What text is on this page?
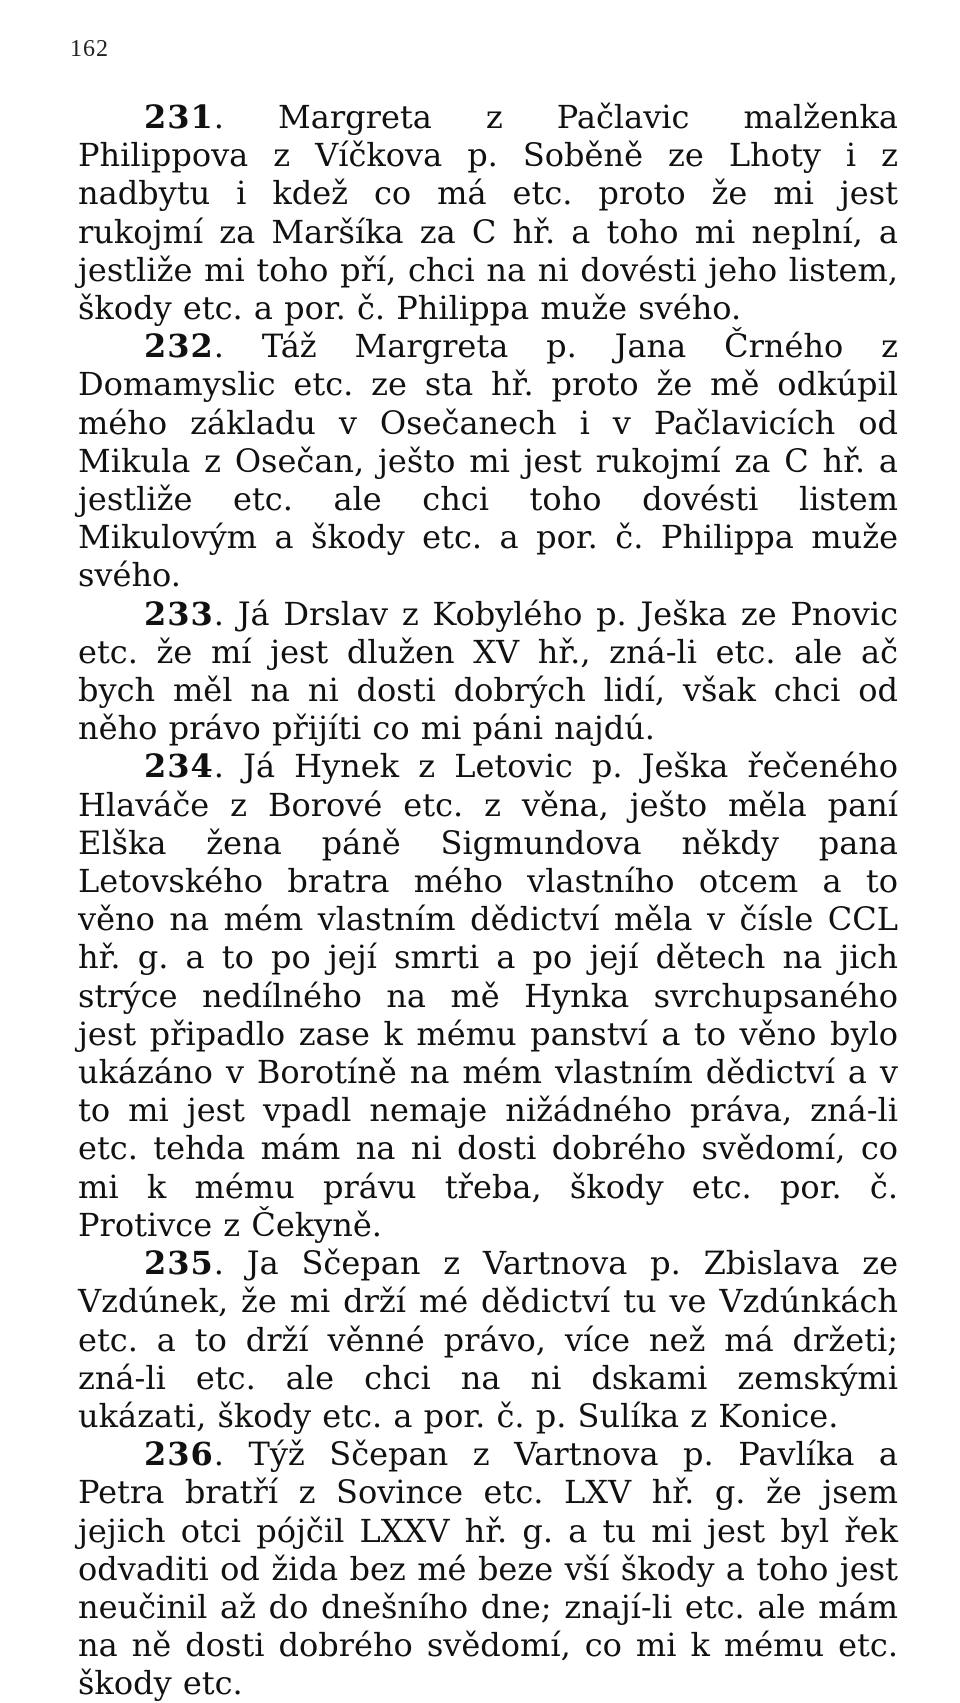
162

231. Margreta z Pačlavic malženka Philippova z Víčkova p. Soběně ze Lhoty i z nadbytu i kdež co má etc. proto že mi jest rukojmí za Maršíka za C hř. a toho mi neplní, a jestliže mi toho pří, chci na ni dovésti jeho listem, škody etc. a por. č. Philippa muže svého.

232. Táž Margreta p. Jana Črného z Domamyslic etc. ze sta hř. proto že mě odkúpil mého základu v Osečanech i v Pačlavicích od Mikula z Osečan, ješto mi jest rukojmí za C hř. a jestliže etc. ale chci toho dovésti listem Mikulovým a škody etc. a por. č. Philippa muže svého.

233. Já Drslav z Kobylého p. Ješka ze Pnovic etc. že mí jest dlužen XV hř., zná-li etc. ale ač bych měl na ni dosti dobrých lidí, však chci od něho právo přijíti co mi páni najdú.

234. Já Hynek z Letovic p. Ješka řečeného Hlaváče z Borové etc. z věna, ješto měla paní Elška žena páně Sigmundova někdy pana Letovského bratra mého vlastního otcem a to věno na mém vlastním dědictví měla v čísle CCL hř. g. a to po její smrti a po její dětech na jich strýce nedílného na mě Hynka svrchupsaného jest připadlo zase k mému panství a to věno bylo ukázáno v Borotíně na mém vlastním dědictví a v to mi jest vpadl nemaje nižádného práva, zná-li etc. tehda mám na ni dosti dobrého svědomí, co mi k mému právu třeba, škody etc. por. č. Protivce z Čekyně.

235. Ja Sčepan z Vartnova p. Zbislava ze Vzdúnek, že mi drží mé dědictví tu ve Vzdúnkách etc. a to drží věnné právo, více než má držeti; zná-li etc. ale chci na ni dskami zemskými ukázati, škody etc. a por. č. p. Sulíka z Konice.

236. Týž Sčepan z Vartnova p. Pavlíka a Petra bratří z Sovince etc. LXV hř. g. že jsem jejich otci pójčil LXXV hř. g. a tu mi jest byl řek odvaditi od žida bez mé beze vší škody a toho jest neučinil až do dnešního dne; znají-li etc. ale mám na ně dosti dobrého svědomí, co mi k mému etc. škody etc.
